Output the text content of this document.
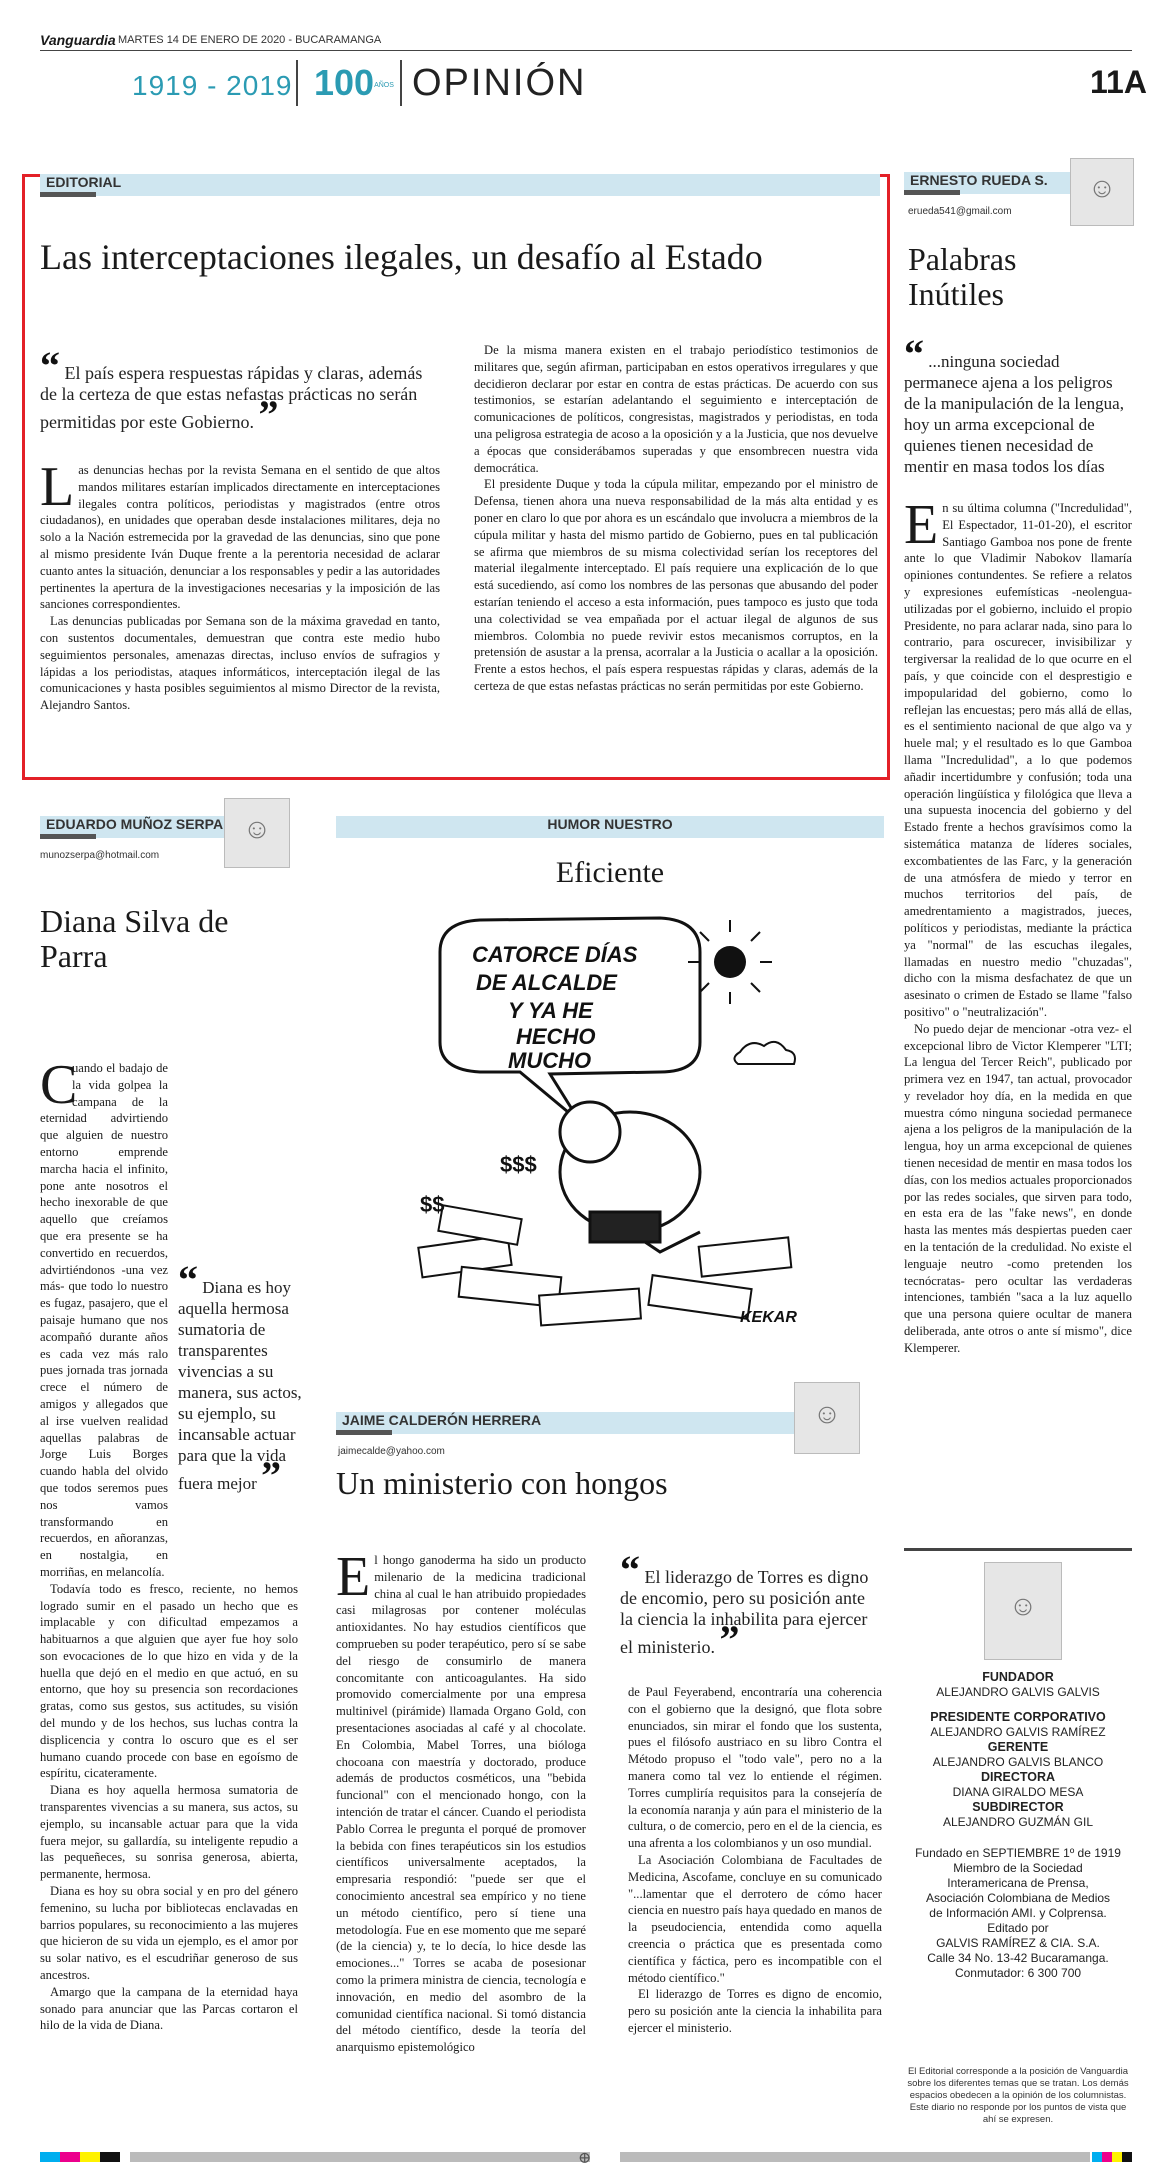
Vanguardia MARTES 14 DE ENERO DE 2020 - BUCARAMANGA
1919 - 2019 100AÑOS OPINIÓN	11A
EDITORIAL
Las interceptaciones ilegales, un desafío al Estado
“ El país espera respuestas rápidas y claras, además de la certeza de que estas nefastas prácticas no serán permitidas por este Gobierno. ”

Las denuncias hechas por la revista Semana en el sentido de que altos mandos militares estarían implicados directamente en interceptaciones ilegales contra políticos, periodistas y magistrados (entre otros ciudadanos), en unidades que operaban desde instalaciones militares, deja no solo a la Nación estremecida por la gravedad de las denuncias, sino que pone al mismo presidente Iván Duque frente a la perentoria necesidad de aclarar cuanto antes la situación, denunciar a los responsables y pedir a las autoridades pertinentes la apertura de la investigaciones necesarias y la imposición de las sanciones correspondientes.

Las denuncias publicadas por Semana son de la máxima gravedad en tanto, con sustentos documentales, demuestran que contra este medio hubo seguimientos personales, amenazas directas, incluso envíos de sufragios y lápidas a los periodistas, ataques informáticos, interceptación ilegal de las comunicaciones y hasta posibles seguimientos al mismo Director de la revista, Alejandro Santos.

De la misma manera existen en el trabajo periodístico testimonios de militares que, según afirman, participaban en estos operativos irregulares y que decidieron declarar por estar en contra de estas prácticas. De acuerdo con sus testimonios, se estarían adelantando el seguimiento e interceptación de comunicaciones de políticos, congresistas, magistrados y periodistas, en toda una peligrosa estrategia de acoso a la oposición y a la Justicia, que nos devuelve a épocas que considerábamos superadas y que ensombrecen nuestra vida democrática.

El presidente Duque y toda la cúpula militar, empezando por el ministro de Defensa, tienen ahora una nueva responsabilidad de la más alta entidad y es poner en claro lo que por ahora es un escándalo que involucra a miembros de la cúpula militar y hasta del mismo partido de Gobierno, pues en tal publicación se afirma que miembros de su misma colectividad serían los receptores del material ilegalmente interceptado. El país requiere una explicación de lo que está sucediendo, así como los nombres de las personas que abusando del poder estarían teniendo el acceso a esta información, pues tampoco es justo que toda una colectividad se vea empañada por el actuar ilegal de algunos de sus miembros. Colombia no puede revivir estos mecanismos corruptos, en la pretensión de asustar a la prensa, acorralar a la Justicia o acallar a la oposición. Frente a estos hechos, el país espera respuestas rápidas y claras, además de la certeza de que estas nefastas prácticas no serán permitidas por este Gobierno.

ERNESTO RUEDA S. ☺
erueda541@gmail.com
Palabras Inútiles
“ ...ninguna sociedad permanece ajena a los peligros de la manipulación de la lengua, hoy un arma excepcional de quienes tienen necesidad de mentir en masa todos los días

En su última columna ("Incredulidad", El Espectador, 11-01-20), el escritor Santiago Gamboa nos pone de frente ante lo que Vladimir Nabokov llamaría opiniones contundentes. Se refiere a relatos y expresiones eufemísticas -neolengua- utilizadas por el gobierno, incluido el propio Presidente, no para aclarar nada, sino para lo contrario, para oscurecer, invisibilizar y tergiversar la realidad de lo que ocurre en el país, y que coincide con el desprestigio e impopularidad del gobierno, como lo reflejan las encuestas; pero más allá de ellas, es el sentimiento nacional de que algo va y huele mal; y el resultado es lo que Gamboa llama "Incredulidad", a lo que podemos añadir incertidumbre y confusión; toda una operación lingüística y filológica que lleva a una supuesta inocencia del gobierno y del Estado frente a hechos gravísimos como la sistemática matanza de líderes sociales, excombatientes de las Farc, y la generación de una atmósfera de miedo y terror en muchos territorios del país, de amedrentamiento a magistrados, jueces, políticos y periodistas, mediante la práctica ya "normal" de las escuchas ilegales, llamadas en nuestro medio "chuzadas", dicho con la misma desfachatez de que un asesinato o crimen de Estado se llame "falso positivo" o "neutralización".

No puedo dejar de mencionar -otra vez- el excepcional libro de Victor Klemperer "LTI; La lengua del Tercer Reich", publicado por primera vez en 1947, tan actual, provocador y revelador hoy día, en la medida en que muestra cómo ninguna sociedad permanece ajena a los peligros de la manipulación de la lengua, hoy un arma excepcional de quienes tienen necesidad de mentir en masa todos los días, con los medios actuales proporcionados por las redes sociales, que sirven para todo, en esta era de las "fake news", en donde hasta las mentes más despiertas pueden caer en la tentación de la credulidad. No existe el lenguaje neutro -como pretenden los tecnócratas- pero ocultar las verdaderas intenciones, también "saca a la luz aquello que una persona quiere ocultar de manera deliberada, ante otros o ante sí mismo", dice Klemperer.

☺
FUNDADOR
ALEJANDRO GALVIS GALVIS
PRESIDENTE CORPORATIVO
ALEJANDRO GALVIS RAMÍREZ
GERENTE
ALEJANDRO GALVIS BLANCO
DIRECTORA
DIANA GIRALDO MESA
SUBDIRECTOR
ALEJANDRO GUZMÁN GIL
Fundado en SEPTIEMBRE 1º de 1919
Miembro de la Sociedad
Interamericana de Prensa,
Asociación Colombiana de Medios
de Información AMI. y Colprensa.
Editado por
GALVIS RAMÍREZ & CIA. S.A.
Calle 34 No. 13-42 Bucaramanga.
Conmutador: 6 300 700
El Editorial corresponde a la posición de Vanguardia sobre los diferentes temas que se tratan. Los demás espacios obedecen a la opinión de los columnistas. Este diario no responde por los puntos de vista que ahí se expresen.
EDUARDO MUÑOZ SERPA ☺
munozserpa@hotmail.com
Diana Silva de Parra
“ Diana es hoy aquella hermosa sumatoria de transparentes vivencias a su manera, sus actos, su ejemplo, su incansable actuar para que la vida fuera mejor ”

C

uando el badajo de la vida golpea la campana de la eternidad advirtiendo que alguien de nuestro entorno emprende marcha hacia el infinito, pone ante nosotros el hecho inexorable de que aquello que creíamos que era presente se ha convertido en recuerdos, advirtiéndonos -una vez más- que todo lo nuestro es fugaz, pasajero, que el paisaje humano que nos acompañó durante años es cada vez más ralo pues jornada tras jornada crece el número de amigos y allegados que al irse vuelven realidad aquellas palabras de Jorge Luis Borges cuando habla del olvido que todos seremos pues nos vamos transformando en recuerdos, en añoranzas, en nostalgia, en morriñas, en melancolía.

Todavía todo es fresco, reciente, no hemos logrado sumir en el pasado un hecho que es implacable y con dificultad empezamos a habituarnos a que alguien que ayer fue hoy solo son evocaciones de lo que hizo en vida y de la huella que dejó en el medio en que actuó, en su entorno, que hoy su presencia son recordaciones gratas, como sus gestos, sus actitudes, su visión del mundo y de los hechos, sus luchas contra la displicencia y contra lo oscuro que es el ser humano cuando procede con base en egoísmo de espíritu, cicateramente.

Diana es hoy aquella hermosa sumatoria de transparentes vivencias a su manera, sus actos, su ejemplo, su incansable actuar para que la vida fuera mejor, su gallardía, su inteligente repudio a las pequeñeces, su sonrisa generosa, abierta, permanente, hermosa.

Diana es hoy su obra social y en pro del género femenino, su lucha por bibliotecas enclavadas en barrios populares, su reconocimiento a las mujeres que hicieron de su vida un ejemplo, es el amor por su solar nativo, es el escudriñar generoso de sus ancestros.

Amargo que la campana de la eternidad haya sonado para anunciar que las Parcas cortaron el hilo de la vida de Diana.

HUMOR NUESTRO
Eficiente
CATORCE DÍAS
DE ALCALDE
Y YA HE
HECHO
MUCHO
$$$
$$
KEKAR
JAIME CALDERÓN HERRERA	☺
jaimecalde@yahoo.com
Un ministerio con hongos

El hongo ganoderma ha sido un producto milenario de la medicina tradicional china al cual le han atribuido propiedades casi milagrosas por contener moléculas antioxidantes. No hay estudios científicos que comprueben su poder terapéutico, pero sí se sabe del riesgo de consumirlo de manera concomitante con anticoagulantes. Ha sido promovido comercialmente por una empresa multinivel (pirámide) llamada Organo Gold, con presentaciones asociadas al café y al chocolate. En Colombia, Mabel Torres, una bióloga chocoana con maestría y doctorado, produce además de productos cosméticos, una "bebida funcional" con el mencionado hongo, con la intención de tratar el cáncer. Cuando el periodista Pablo Correa le pregunta el porqué de promover la bebida con fines terapéuticos sin los estudios científicos universalmente aceptados, la empresaria respondió: "puede ser que el conocimiento ancestral sea empírico y no tiene un método científico, pero sí tiene una metodología. Fue en ese momento que me separé (de la ciencia) y, te lo decía, lo hice desde las emociones..." Torres se acaba de posesionar como la primera ministra de ciencia, tecnología e innovación, en medio del asombro de la comunidad científica nacional. Si tomó distancia del método científico, desde la teoría del anarquismo epistemológico

“ El liderazgo de Torres es digno de encomio, pero su posición ante la ciencia la inhabilita para ejercer el ministerio. ”

de Paul Feyerabend, encontraría una coherencia con el gobierno que la designó, que flota sobre enunciados, sin mirar el fondo que los sustenta, pues el filósofo austriaco en su libro Contra el Método propuso el "todo vale", pero no a la manera como tal vez lo entiende el régimen. Torres cumpliría requisitos para la consejería de la economía naranja y aún para el ministerio de la cultura, o de comercio, pero en el de la ciencia, es una afrenta a los colombianos y un oso mundial.

La Asociación Colombiana de Facultades de Medicina, Ascofame, concluye en su comunicado "...lamentar que el derrotero de cómo hacer ciencia en nuestro país haya quedado en manos de la pseudociencia, entendida como aquella creencia o práctica que es presentada como científica y fáctica, pero es incompatible con el método científico."

El liderazgo de Torres es digno de encomio, pero su posición ante la ciencia la inhabilita para ejercer el ministerio.

⊕
